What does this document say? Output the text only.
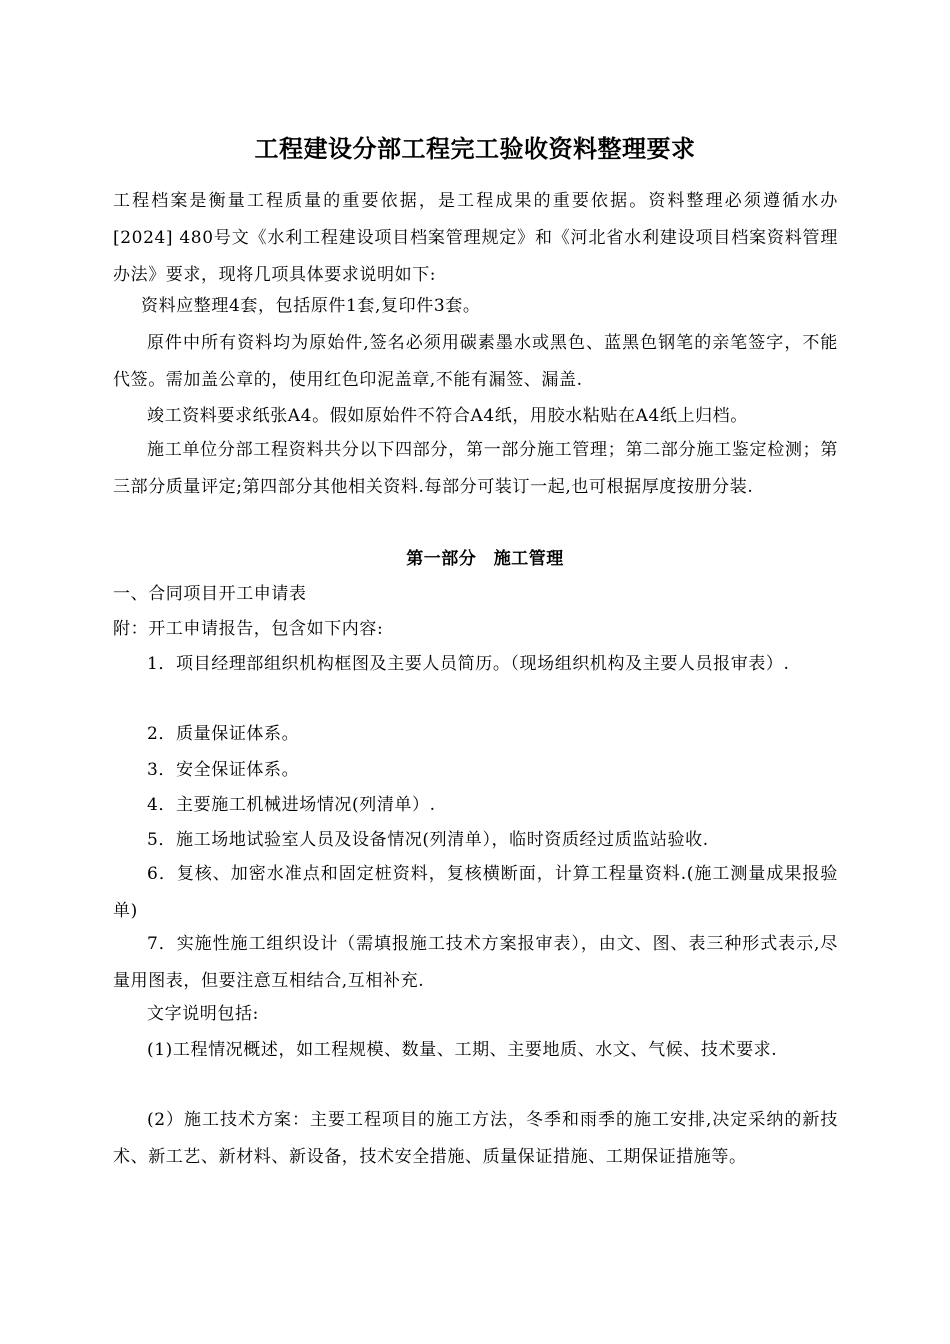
工程建设分部工程完工验收资料整理要求
工程档案是衡量工程质量的重要依据，是工程成果的重要依据。资料整理必须遵循水办[2024] 480号文《水利工程建设项目档案管理规定》和《河北省水利建设项目档案资料管理办法》要求，现将几项具体要求说明如下:
资料应整理4套，包括原件1套,复印件3套。
原件中所有资料均为原始件,签名必须用碳素墨水或黑色、蓝黑色钢笔的亲笔签字，不能代签。需加盖公章的，使用红色印泥盖章,不能有漏签、漏盖.
竣工资料要求纸张A4。假如原始件不符合A4纸，用胶水粘贴在A4纸上归档。
施工单位分部工程资料共分以下四部分，第一部分施工管理；第二部分施工鉴定检测；第三部分质量评定;第四部分其他相关资料.每部分可装订一起,也可根据厚度按册分装.
第一部分　施工管理
一、合同项目开工申请表
附：开工申请报告，包含如下内容:
1．项目经理部组织机构框图及主要人员简历。（现场组织机构及主要人员报审表）.
2．质量保证体系。
3．安全保证体系。
4．主要施工机械进场情况(列清单）.
5．施工场地试验室人员及设备情况(列清单），临时资质经过质监站验收.
6．复核、加密水准点和固定桩资料，复核横断面，计算工程量资料.(施工测量成果报验单)
7．实施性施工组织设计（需填报施工技术方案报审表），由文、图、表三种形式表示,尽量用图表，但要注意互相结合,互相补充.
文字说明包括:
(1)工程情况概述，如工程规模、数量、工期、主要地质、水文、气候、技术要求.
(2）施工技术方案：主要工程项目的施工方法，冬季和雨季的施工安排,决定采纳的新技术、新工艺、新材料、新设备，技术安全措施、质量保证措施、工期保证措施等。
